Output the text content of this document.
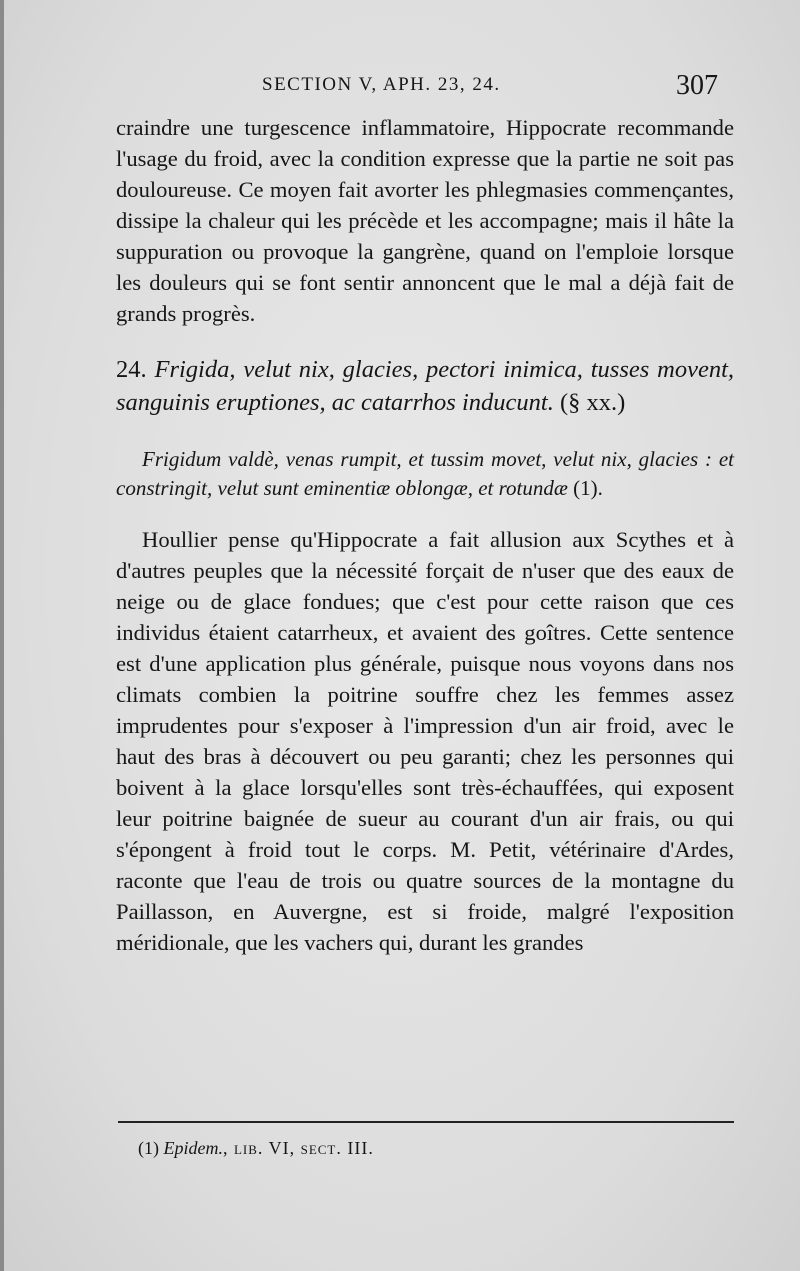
SECTION V, APH. 23, 24.	307

craindre une turgescence inflammatoire, Hippocrate recommande l'usage du froid, avec la condition expresse que la partie ne soit pas douloureuse. Ce moyen fait avorter les phlegmasies commençantes, dissipe la chaleur qui les précède et les accompagne; mais il hâte la suppuration ou provoque la gangrène, quand on l'emploie lorsque les douleurs qui se font sentir annoncent que le mal a déjà fait de grands progrès.

24. Frigida, velut nix, glacies, pectori inimica, tusses movent, sanguinis eruptiones, ac catarrhos inducunt. (§ xx.)

Frigidum valdè, venas rumpit, et tussim movet, velut nix, glacies : et constringit, velut sunt eminentiæ oblongæ, et rotundæ (1).

Houllier pense qu'Hippocrate a fait allusion aux Scythes et à d'autres peuples que la nécessité forçait de n'user que des eaux de neige ou de glace fondues; que c'est pour cette raison que ces individus étaient catarrheux, et avaient des goîtres. Cette sentence est d'une application plus générale, puisque nous voyons dans nos climats combien la poitrine souffre chez les femmes assez imprudentes pour s'exposer à l'impression d'un air froid, avec le haut des bras à découvert ou peu garanti; chez les personnes qui boivent à la glace lorsqu'elles sont très-échauffées, qui exposent leur poitrine baignée de sueur au courant d'un air frais, ou qui s'épongent à froid tout le corps. M. Petit, vétérinaire d'Ardes, raconte que l'eau de trois ou quatre sources de la montagne du Paillasson, en Auvergne, est si froide, malgré l'exposition méridionale, que les vachers qui, durant les grandes

(1) Epidem., lib. VI, sect. III.
